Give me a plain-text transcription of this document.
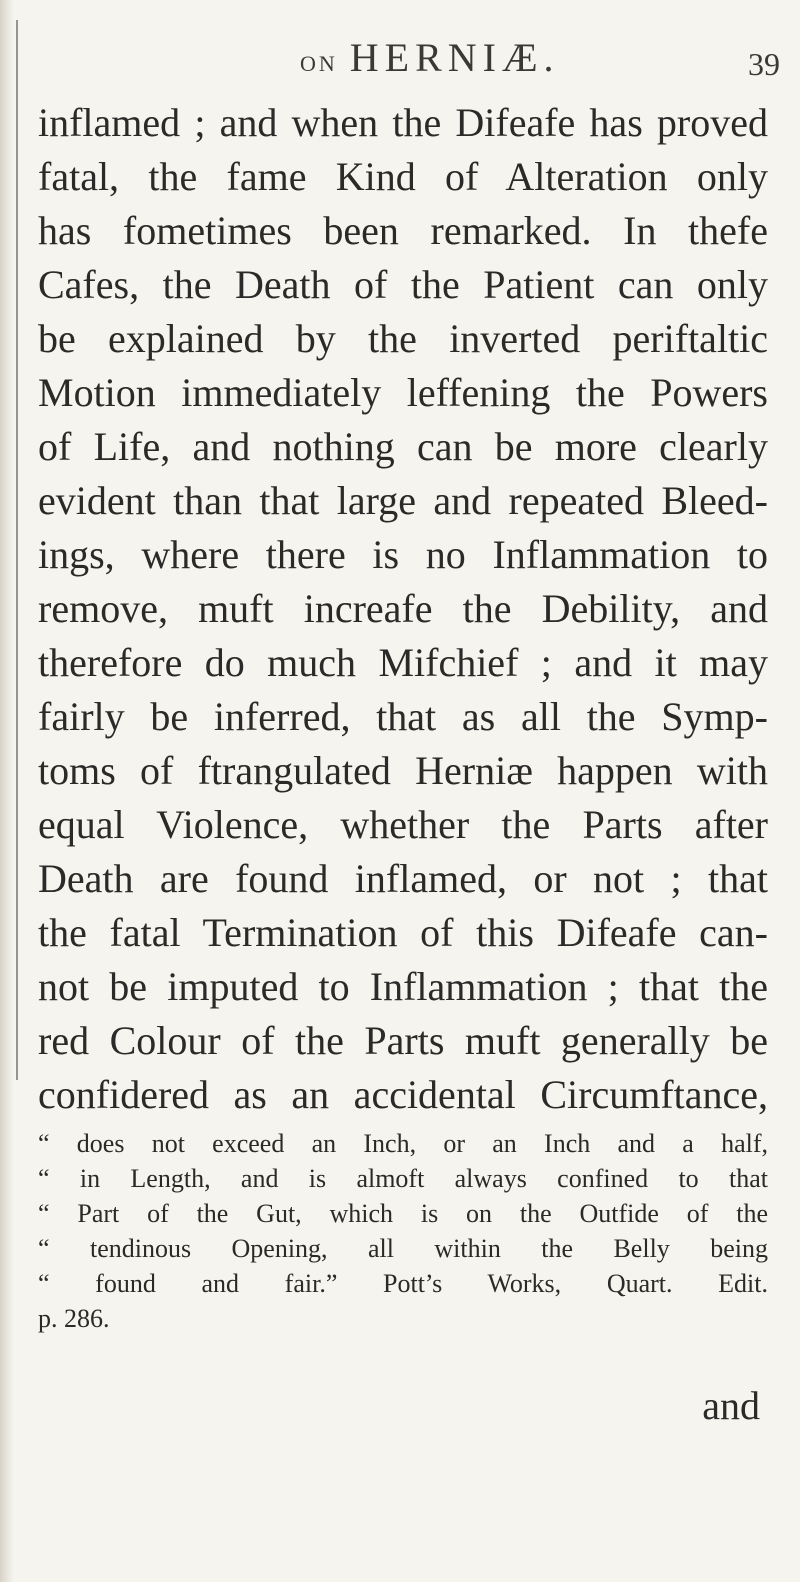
ON HERNIÆ.	39
inflamed ; and when the Difeafe has proved
fatal, the fame Kind of Alteration only
has fometimes been remarked. In thefe
Cafes, the Death of the Patient can only
be explained by the inverted periftaltic
Motion immediately leffening the Powers
of Life, and nothing can be more clearly
evident than that large and repeated Bleed-
ings, where there is no Inflammation to
remove, muft increafe the Debility, and
therefore do much Mifchief ; and it may
fairly be inferred, that as all the Symp-
toms of ftrangulated Herniæ happen with
equal Violence, whether the Parts after
Death are found inflamed, or not ; that
the fatal Termination of this Difeafe can-
not be imputed to Inflammation ; that the
red Colour of the Parts muft generally be
confidered as an accidental Circumftance,
“ does not exceed an Inch, or an Inch and a half,
“ in Length, and is almoft always confined to that
“ Part of the Gut, which is on the Outfide of the
“ tendinous Opening, all within the Belly being
“ found and fair.” Pott’s Works, Quart. Edit.
p. 286.
and
